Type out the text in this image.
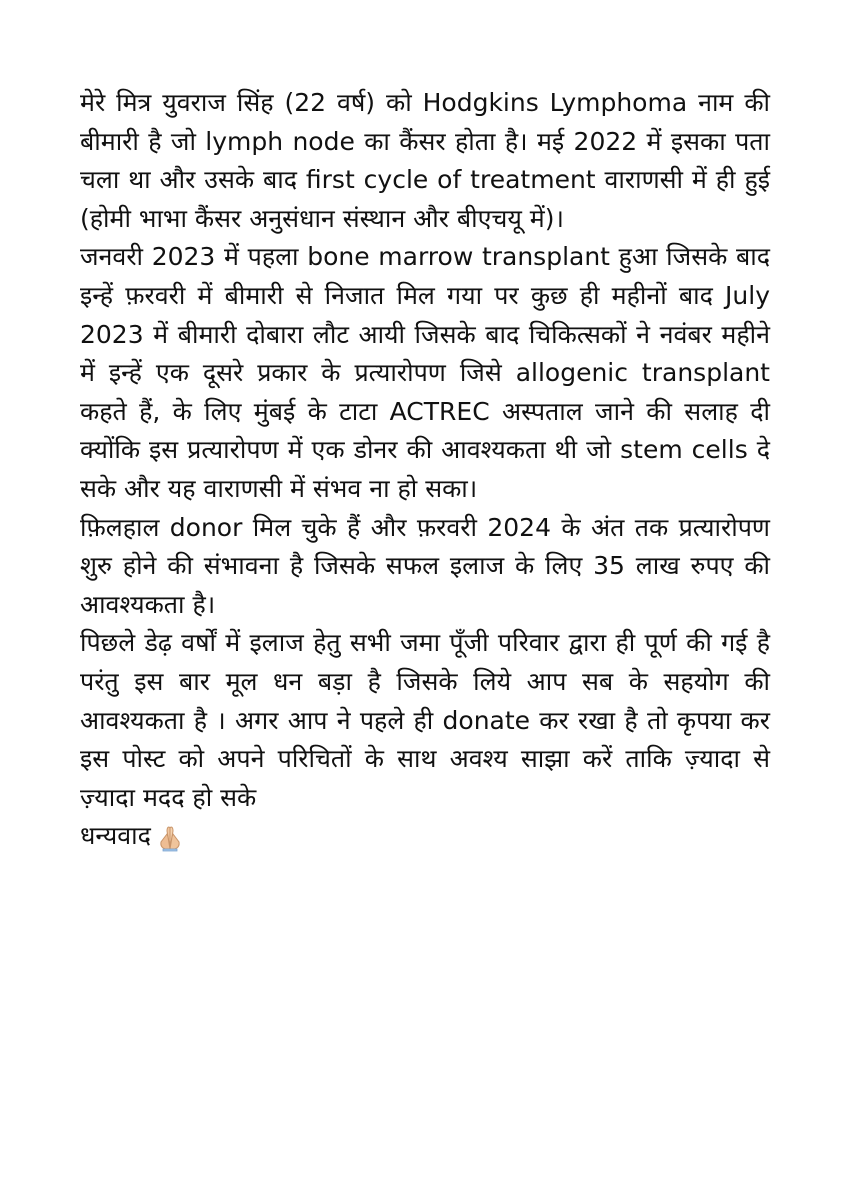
मेरे मित्र युवराज सिंह (22 वर्ष) को Hodgkins Lymphoma नाम की बीमारी है जो lymph node का कैंसर होता है। मई 2022 में इसका पता चला था और उसके बाद first cycle of treatment वाराणसी में ही हुई (होमी भाभा कैंसर अनुसंधान संस्थान और बीएचयू में)।

जनवरी 2023 में पहला bone marrow transplant हुआ जिसके बाद इन्हें फ़रवरी में बीमारी से निजात मिल गया पर कुछ ही महीनों बाद July 2023 में बीमारी दोबारा लौट आयी जिसके बाद चिकित्सकों ने नवंबर महीने में इन्हें एक दूसरे प्रकार के प्रत्यारोपण जिसे allogenic transplant कहते हैं, के लिए मुंबई के टाटा ACTREC अस्पताल जाने की सलाह दी क्योंकि इस प्रत्यारोपण में एक डोनर की आवश्यकता थी जो stem cells दे सके और यह वाराणसी में संभव ना हो सका।

फ़िलहाल donor मिल चुके हैं और फ़रवरी 2024 के अंत तक प्रत्यारोपण शुरु होने की संभावना है जिसके सफल इलाज के लिए 35 लाख रुपए की आवश्यकता है।

पिछले डेढ़ वर्षों में इलाज हेतु सभी जमा पूँजी परिवार द्वारा ही पूर्ण की गई है परंतु इस बार मूल धन बड़ा है जिसके लिये आप सब के सहयोग की आवश्यकता है । अगर आप ने पहले ही donate कर रखा है तो कृपया कर इस पोस्ट को अपने परिचितों के साथ अवश्य साझा करें ताकि ज़्यादा से ज़्यादा मदद हो सके

धन्यवाद
